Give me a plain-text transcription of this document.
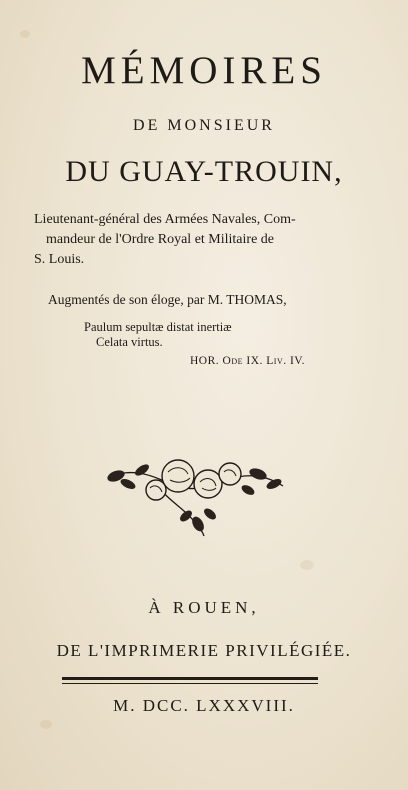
MÉMOIRES
DE MONSIEUR
DU GUAY-TROUIN,
Lieutenant-général des Armées Navales, Com-
mandeur de l'Ordre Royal et Militaire de
S. Louis.
Augmentés de son éloge, par M. THOMAS,
Paulum sepultæ distat inertiæ
Celata virtus.
HOR. Ode IX. Liv. IV.
À ROUEN,
DE L'IMPRIMERIE PRIVILÉGIÉE.
M. DCC. LXXXVIII.
